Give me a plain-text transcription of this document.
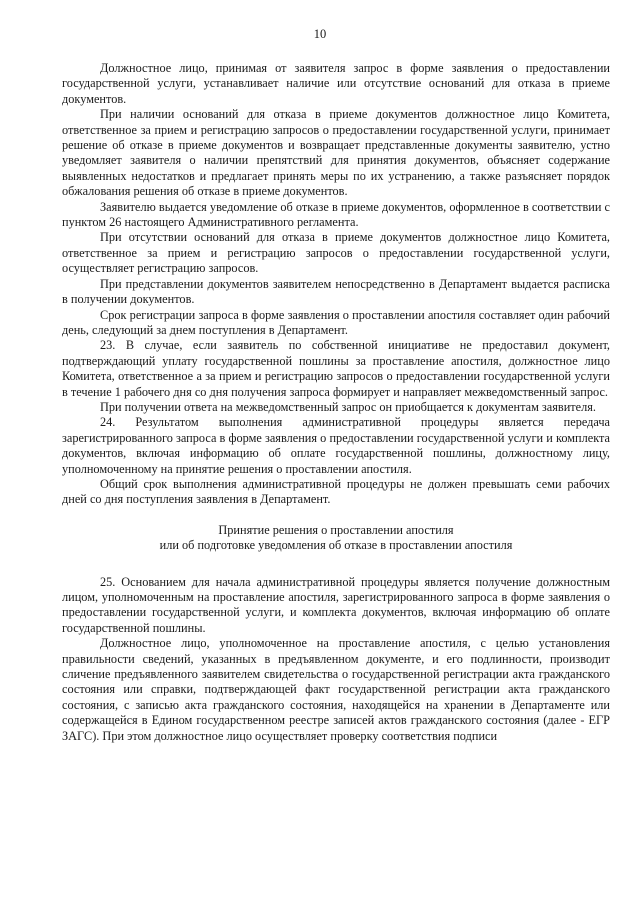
10

Должностное лицо, принимая от заявителя запрос в форме заявления о предоставлении государственной услуги, устанавливает наличие или отсутствие оснований для отказа в приеме документов.

При наличии оснований для отказа в приеме документов должностное лицо Комитета, ответственное за прием и регистрацию запросов о предоставлении государственной услуги, принимает решение об отказе в приеме документов и возвращает представленные документы заявителю, устно уведомляет заявителя о наличии препятствий для принятия документов, объясняет содержание выявленных недостатков и предлагает принять меры по их устранению, а также разъясняет порядок обжалования решения об отказе в приеме документов.

Заявителю выдается уведомление об отказе в приеме документов, оформленное в соответствии с пунктом 26 настоящего Административного регламента.

При отсутствии оснований для отказа в приеме документов должностное лицо Комитета, ответственное за прием и регистрацию запросов о предоставлении государственной услуги, осуществляет регистрацию запросов.

При представлении документов заявителем непосредственно в Департамент выдается расписка в получении документов.

Срок регистрации запроса в форме заявления о проставлении апостиля составляет один рабочий день, следующий за днем поступления в Департамент.

23. В случае, если заявитель по собственной инициативе не предоставил документ, подтверждающий уплату государственной пошлины за проставление апостиля, должностное лицо Комитета, ответственное а за прием и регистрацию запросов о предоставлении государственной услуги в течение 1 рабочего дня со дня получения запроса формирует и направляет межведомственный запрос.

При получении ответа на межведомственный запрос он приобщается к документам заявителя.

24. Результатом выполнения административной процедуры является передача зарегистрированного запроса в форме заявления о предоставлении государственной услуги и комплекта документов, включая информацию об оплате государственной пошлины, должностному лицу, уполномоченному на принятие решения о проставлении апостиля.

Общий срок выполнения административной процедуры не должен превышать семи рабочих дней со дня поступления заявления в Департамент.

Принятие решения о проставлении апостиля
или об подготовке уведомления об отказе в проставлении апостиля

25. Основанием для начала административной процедуры является получение должностным лицом, уполномоченным на проставление апостиля, зарегистрированного запроса в форме заявления о предоставлении государственной услуги, и комплекта документов, включая информацию об оплате государственной пошлины.

Должностное лицо, уполномоченное на проставление апостиля, с целью установления правильности сведений, указанных в предъявленном документе, и его подлинности, производит сличение предъявленного заявителем свидетельства о государственной регистрации акта гражданского состояния или справки, подтверждающей факт государственной регистрации акта гражданского состояния, с записью акта гражданского состояния, находящейся на хранении в Департаменте или содержащейся в Едином государственном реестре записей актов гражданского состояния (далее - ЕГР ЗАГС). При этом должностное лицо осуществляет проверку соответствия подписи
